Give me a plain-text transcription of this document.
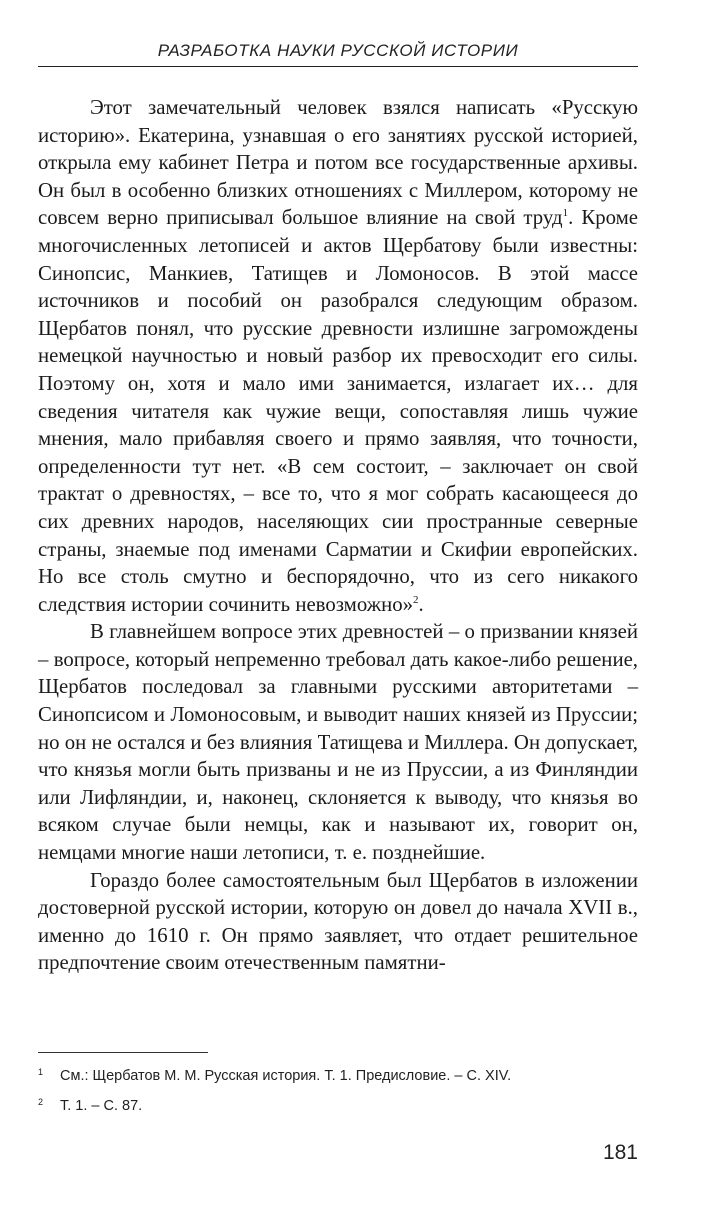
РАЗРАБОТКА НАУКИ РУССКОЙ ИСТОРИИ

Этот замечательный человек взялся написать «Русскую историю». Екатерина, узнавшая о его занятиях русской историей, открыла ему кабинет Петра и потом все государственные архивы. Он был в особенно близких отношениях с Миллером, которому не совсем верно приписывал большое влияние на свой труд$^1$. Кроме многочисленных летописей и актов Щербатову были известны: Синопсис, Манкиев, Татищев и Ломоносов. В этой массе источников и пособий он разобрался следующим образом. Щербатов понял, что русские древности излишне загромождены немецкой научностью и новый разбор их превосходит его силы. Поэтому он, хотя и мало ими занимается, излагает их… для сведения читателя как чужие вещи, сопоставляя лишь чужие мнения, мало прибавляя своего и прямо заявляя, что точности, определенности тут нет. «В сем состоит, – заключает он свой трактат о древностях, – все то, что я мог собрать касающееся до сих древних народов, населяющих сии пространные северные страны, знаемые под именами Сарматии и Скифии европейских. Но все столь смутно и беспорядочно, что из сего никакого следствия истории сочинить невозможно»$^2$.

В главнейшем вопросе этих древностей – о призвании князей – вопросе, который непременно требовал дать какое-либо решение, Щербатов последовал за главными русскими авторитетами – Синопсисом и Ломоносовым, и выводит наших князей из Пруссии; но он не остался и без влияния Татищева и Миллера. Он допускает, что князья могли быть призваны и не из Пруссии, а из Финляндии или Лифляндии, и, наконец, склоняется к выводу, что князья во всяком случае были немцы, как и называют их, говорит он, немцами многие наши летописи, т. е. позднейшие.

Гораздо более самостоятельным был Щербатов в изложении достоверной русской истории, которую он довел до начала XVII в., именно до 1610 г. Он прямо заявляет, что отдает решительное предпочтение своим отечественным памятни-

1 См.: Щербатов М. М. Русская история. Т. 1. Предисловие. – С. XIV.
2 Т. 1. – С. 87.
181
